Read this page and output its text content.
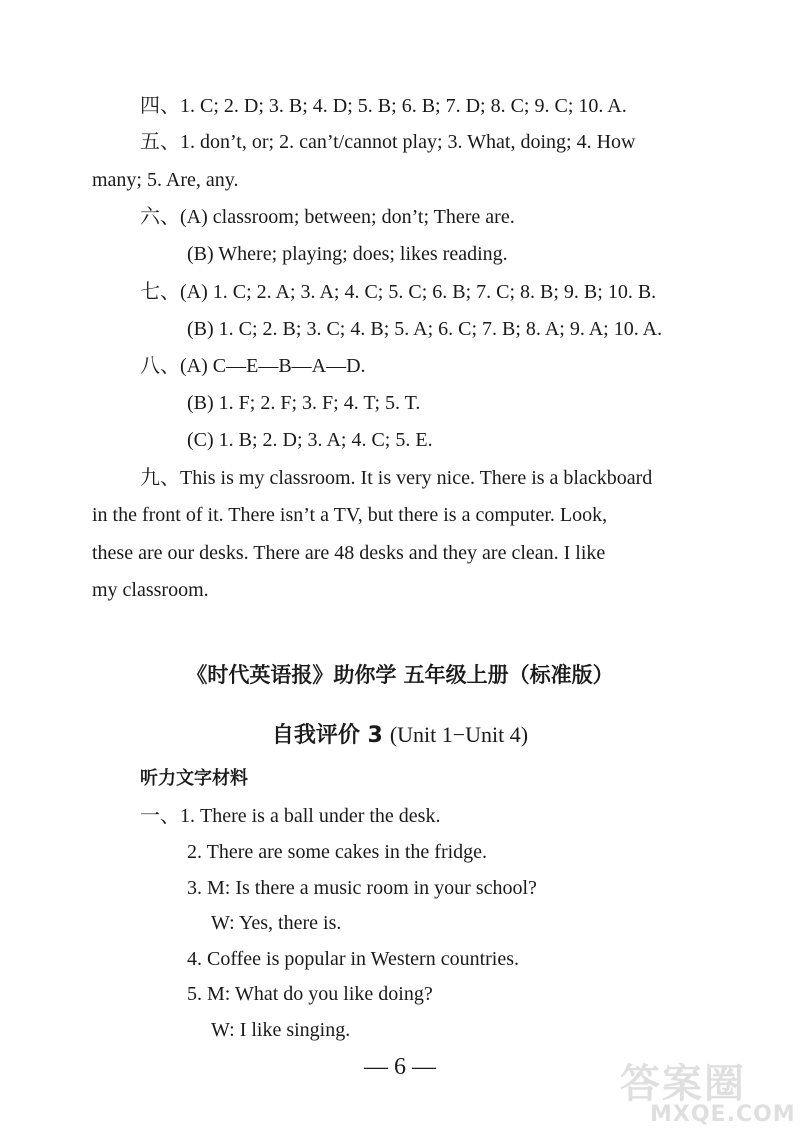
四、1. C; 2. D; 3. B; 4. D; 5. B; 6. B; 7. D; 8. C; 9. C; 10. A.
五、1. don’t, or; 2. can’t/cannot play; 3. What, doing; 4. How
many; 5. Are, any.
六、(A) classroom; between; don’t; There are.
(B) Where; playing; does; likes reading.
七、(A) 1. C; 2. A; 3. A; 4. C; 5. C; 6. B; 7. C; 8. B; 9. B; 10. B.
(B) 1. C; 2. B; 3. C; 4. B; 5. A; 6. C; 7. B; 8. A; 9. A; 10. A.
八、(A) C—E—B—A—D.
(B) 1. F; 2. F; 3. F; 4. T; 5. T.
(C) 1. B; 2. D; 3. A; 4. C; 5. E.
九、This is my classroom. It is very nice. There is a blackboard
in the front of it. There isn’t a TV, but there is a computer. Look,
these are our desks. There are 48 desks and they are clean. I like
my classroom.
《时代英语报》助你学 五年级上册（标准版）
自我评价 3 (Unit 1−Unit 4)
听力文字材料
一、1. There is a ball under the desk.
2. There are some cakes in the fridge.
3. M: Is there a music room in your school?
W: Yes, there is.
4. Coffee is popular in Western countries.
5. M: What do you like doing?
W: I like singing.
— 6 —	答案圈
MXQE.COM
